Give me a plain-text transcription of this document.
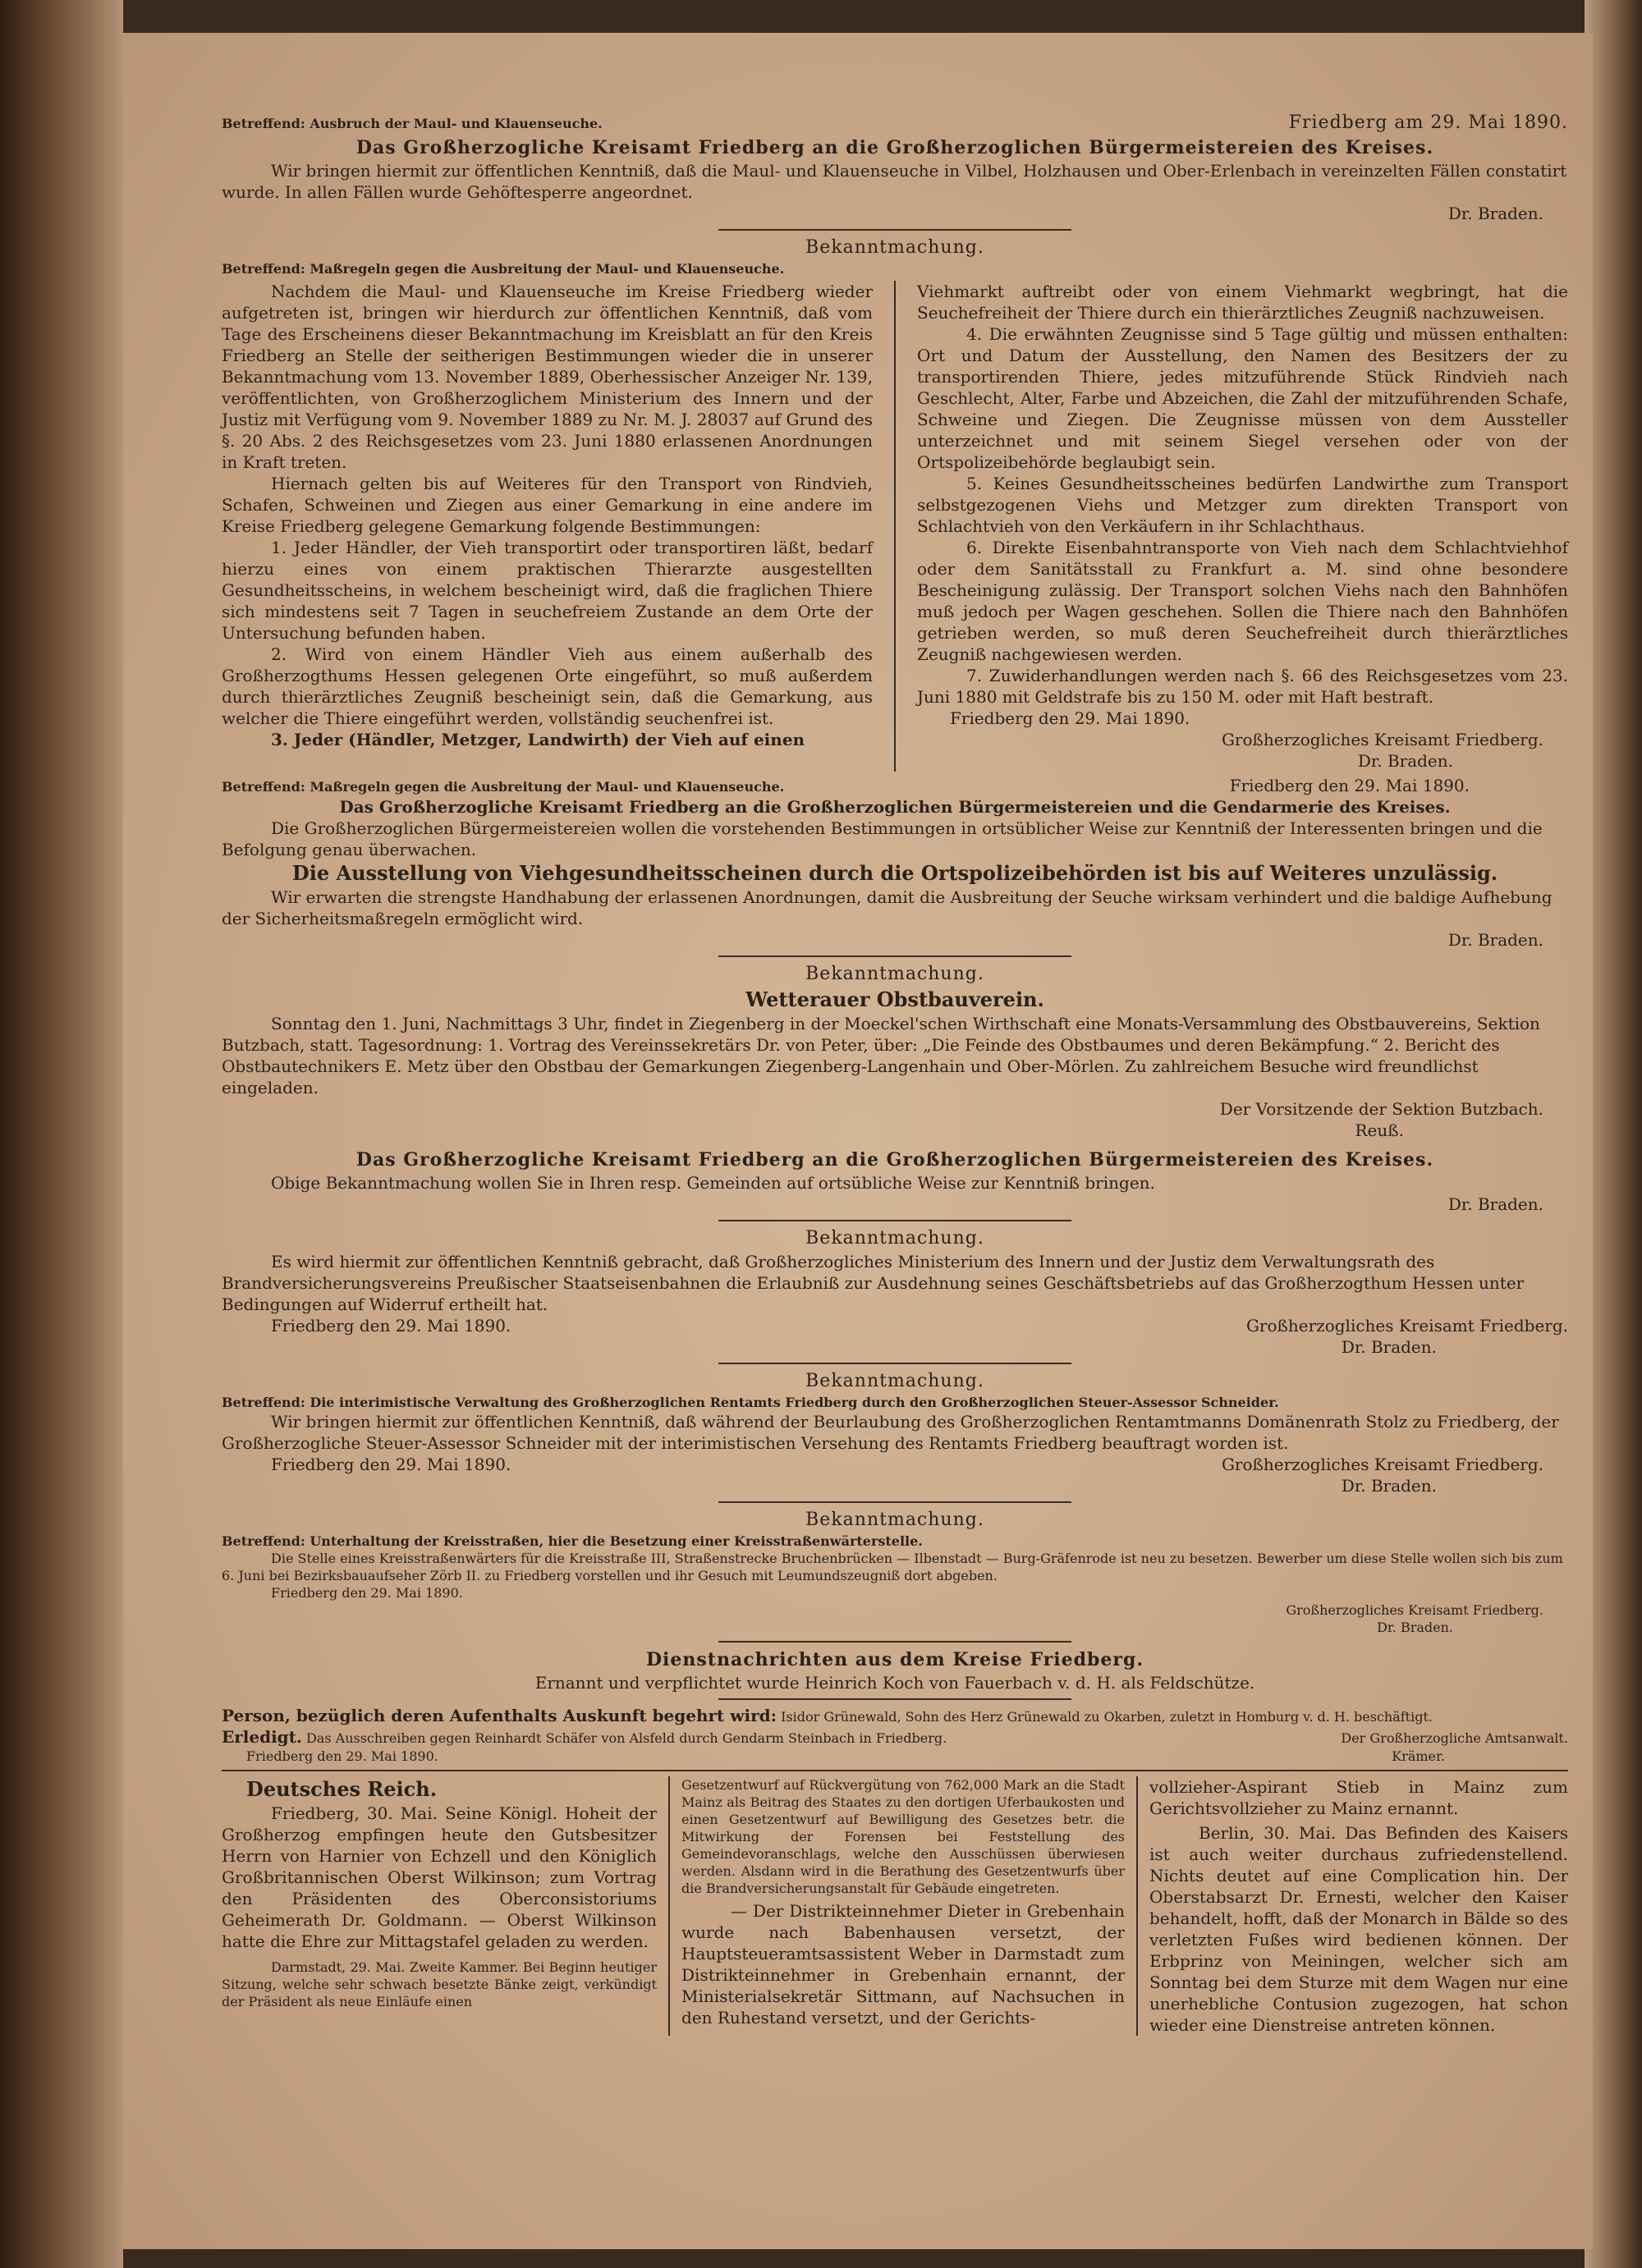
Betreffend: Ausbruch der Maul- und Klauenseuche.	Friedberg am 29. Mai 1890.
Das Großherzogliche Kreisamt Friedberg an die Großherzoglichen Bürgermeistereien des Kreises.

Wir bringen hiermit zur öffentlichen Kenntniß, daß die Maul- und Klauenseuche in Vilbel, Holzhausen und Ober-Erlenbach in vereinzelten Fällen constatirt wurde. In allen Fällen wurde Gehöftesperre angeordnet.

Dr. Braden.
Bekanntmachung.
Betreffend: Maßregeln gegen die Ausbreitung der Maul- und Klauenseuche.

Nachdem die Maul- und Klauenseuche im Kreise Friedberg wieder aufgetreten ist, bringen wir hierdurch zur öffentlichen Kenntniß, daß vom Tage des Erscheinens dieser Bekanntmachung im Kreisblatt an für den Kreis Friedberg an Stelle der seitherigen Bestimmungen wieder die in unserer Bekanntmachung vom 13. November 1889, Oberhessischer Anzeiger Nr. 139, veröffentlichten, von Großherzoglichem Ministerium des Innern und der Justiz mit Verfügung vom 9. November 1889 zu Nr. M. J. 28037 auf Grund des §. 20 Abs. 2 des Reichsgesetzes vom 23. Juni 1880 erlassenen Anordnungen in Kraft treten.

Hiernach gelten bis auf Weiteres für den Transport von Rindvieh, Schafen, Schweinen und Ziegen aus einer Gemarkung in eine andere im Kreise Friedberg gelegene Gemarkung folgende Bestimmungen:

1. Jeder Händler, der Vieh transportirt oder transportiren läßt, bedarf hierzu eines von einem praktischen Thierarzte ausgestellten Gesundheitsscheins, in welchem bescheinigt wird, daß die fraglichen Thiere sich mindestens seit 7 Tagen in seuchefreiem Zustande an dem Orte der Untersuchung befunden haben.

2. Wird von einem Händler Vieh aus einem außerhalb des Großherzogthums Hessen gelegenen Orte eingeführt, so muß außerdem durch thierärztliches Zeugniß bescheinigt sein, daß die Gemarkung, aus welcher die Thiere eingeführt werden, vollständig seuchenfrei ist.

3. Jeder (Händler, Metzger, Landwirth) der Vieh auf einen

Viehmarkt auftreibt oder von einem Viehmarkt wegbringt, hat die Seuchefreiheit der Thiere durch ein thierärztliches Zeugniß nachzuweisen.

4. Die erwähnten Zeugnisse sind 5 Tage gültig und müssen enthalten: Ort und Datum der Ausstellung, den Namen des Besitzers der zu transportirenden Thiere, jedes mitzuführende Stück Rindvieh nach Geschlecht, Alter, Farbe und Abzeichen, die Zahl der mitzuführenden Schafe, Schweine und Ziegen. Die Zeugnisse müssen von dem Aussteller unterzeichnet und mit seinem Siegel versehen oder von der Ortspolizeibehörde beglaubigt sein.

5. Keines Gesundheitsscheines bedürfen Landwirthe zum Transport selbstgezogenen Viehs und Metzger zum direkten Transport von Schlachtvieh von den Verkäufern in ihr Schlachthaus.

6. Direkte Eisenbahntransporte von Vieh nach dem Schlachtviehhof oder dem Sanitätsstall zu Frankfurt a. M. sind ohne besondere Bescheinigung zulässig. Der Transport solchen Viehs nach den Bahnhöfen muß jedoch per Wagen geschehen. Sollen die Thiere nach den Bahnhöfen getrieben werden, so muß deren Seuchefreiheit durch thierärztliches Zeugniß nachgewiesen werden.

7. Zuwiderhandlungen werden nach §. 66 des Reichsgesetzes vom 23. Juni 1880 mit Geldstrafe bis zu 150 M. oder mit Haft bestraft.

Friedberg den 29. Mai 1890.
Großherzogliches Kreisamt Friedberg.
Dr. Braden.
Betreffend: Maßregeln gegen die Ausbreitung der Maul- und Klauenseuche.	Friedberg den 29. Mai 1890.
Das Großherzogliche Kreisamt Friedberg an die Großherzoglichen Bürgermeistereien und die Gendarmerie des Kreises.

Die Großherzoglichen Bürgermeistereien wollen die vorstehenden Bestimmungen in ortsüblicher Weise zur Kenntniß der Interessenten bringen und die Befolgung genau überwachen.

Die Ausstellung von Viehgesundheitsscheinen durch die Ortspolizeibehörden ist bis auf Weiteres unzulässig.

Wir erwarten die strengste Handhabung der erlassenen Anordnungen, damit die Ausbreitung der Seuche wirksam verhindert und die baldige Aufhebung der Sicherheitsmaßregeln ermöglicht wird.

Dr. Braden.
Bekanntmachung.
Wetterauer Obstbauverein.

Sonntag den 1. Juni, Nachmittags 3 Uhr, findet in Ziegenberg in der Moeckel'schen Wirthschaft eine Monats-Versammlung des Obstbauvereins, Sektion Butzbach, statt. Tagesordnung: 1. Vortrag des Vereinssekretärs Dr. von Peter, über: „Die Feinde des Obstbaumes und deren Bekämpfung.“ 2. Bericht des Obstbautechnikers E. Metz über den Obstbau der Gemarkungen Ziegenberg-Langenhain und Ober-Mörlen. Zu zahlreichem Besuche wird freundlichst eingeladen.

Der Vorsitzende der Sektion Butzbach.
Reuß.
Das Großherzogliche Kreisamt Friedberg an die Großherzoglichen Bürgermeistereien des Kreises.

Obige Bekanntmachung wollen Sie in Ihren resp. Gemeinden auf ortsübliche Weise zur Kenntniß bringen.

Dr. Braden.
Bekanntmachung.

Es wird hiermit zur öffentlichen Kenntniß gebracht, daß Großherzogliches Ministerium des Innern und der Justiz dem Verwaltungsrath des Brandversicherungsvereins Preußischer Staatseisenbahnen die Erlaubniß zur Ausdehnung seines Geschäftsbetriebs auf das Großherzogthum Hessen unter Bedingungen auf Widerruf ertheilt hat.

Friedberg den 29. Mai 1890.	Großherzogliches Kreisamt Friedberg.
Dr. Braden.
Bekanntmachung.
Betreffend: Die interimistische Verwaltung des Großherzoglichen Rentamts Friedberg durch den Großherzoglichen Steuer-Assessor Schneider.

Wir bringen hiermit zur öffentlichen Kenntniß, daß während der Beurlaubung des Großherzoglichen Rentamtmanns Domänenrath Stolz zu Friedberg, der Großherzogliche Steuer-Assessor Schneider mit der interimistischen Versehung des Rentamts Friedberg beauftragt worden ist.

Friedberg den 29. Mai 1890.	Großherzogliches Kreisamt Friedberg.
Dr. Braden.
Bekanntmachung.
Betreffend: Unterhaltung der Kreisstraßen, hier die Besetzung einer Kreisstraßenwärterstelle.

Die Stelle eines Kreisstraßenwärters für die Kreisstraße III, Straßenstrecke Bruchenbrücken — Ilbenstadt — Burg-Gräfenrode ist neu zu besetzen. Bewerber um diese Stelle wollen sich bis zum 6. Juni bei Bezirksbauaufseher Zörb II. zu Friedberg vorstellen und ihr Gesuch mit Leumundszeugniß dort abgeben.

Friedberg den 29. Mai 1890.
Großherzogliches Kreisamt Friedberg.
Dr. Braden.
Dienstnachrichten aus dem Kreise Friedberg.

Ernannt und verpflichtet wurde Heinrich Koch von Fauerbach v. d. H. als Feldschütze.

Person, bezüglich deren Aufenthalts Auskunft begehrt wird: Isidor Grünewald, Sohn des Herz Grünewald zu Okarben, zuletzt in Homburg v. d. H. beschäftigt.
Erledigt. Das Ausschreiben gegen Reinhardt Schäfer von Alsfeld durch Gendarm Steinbach in Friedberg.	Der Großherzogliche Amtsanwalt.
Friedberg den 29. Mai 1890.	Krämer.
Deutsches Reich.

Friedberg, 30. Mai. Seine Königl. Hoheit der Großherzog empfingen heute den Gutsbesitzer Herrn von Harnier von Echzell und den Königlich Großbritannischen Oberst Wilkinson; zum Vortrag den Präsidenten des Oberconsistoriums Geheimerath Dr. Goldmann. — Oberst Wilkinson hatte die Ehre zur Mittagstafel geladen zu werden.

Darmstadt, 29. Mai. Zweite Kammer. Bei Beginn heutiger Sitzung, welche sehr schwach besetzte Bänke zeigt, verkündigt der Präsident als neue Einläufe einen

Gesetzentwurf auf Rückvergütung von 762,000 Mark an die Stadt Mainz als Beitrag des Staates zu den dortigen Uferbaukosten und einen Gesetzentwurf auf Bewilligung des Gesetzes betr. die Mitwirkung der Forensen bei Feststellung des Gemeindevoranschlags, welche den Ausschüssen überwiesen werden. Alsdann wird in die Berathung des Gesetzentwurfs über die Brandversicherungsanstalt für Gebäude eingetreten.

— Der Distrikteinnehmer Dieter in Grebenhain wurde nach Babenhausen versetzt, der Hauptsteueramtsassistent Weber in Darmstadt zum Distrikteinnehmer in Grebenhain ernannt, der Ministerialsekretär Sittmann, auf Nachsuchen in den Ruhestand versetzt, und der Gerichts-

vollzieher-Aspirant Stieb in Mainz zum Gerichtsvollzieher zu Mainz ernannt.

Berlin, 30. Mai. Das Befinden des Kaisers ist auch weiter durchaus zufriedenstellend. Nichts deutet auf eine Complication hin. Der Oberstabsarzt Dr. Ernesti, welcher den Kaiser behandelt, hofft, daß der Monarch in Bälde so des verletzten Fußes wird bedienen können. Der Erbprinz von Meiningen, welcher sich am Sonntag bei dem Sturze mit dem Wagen nur eine unerhebliche Contusion zugezogen, hat schon wieder eine Dienstreise antreten können.
